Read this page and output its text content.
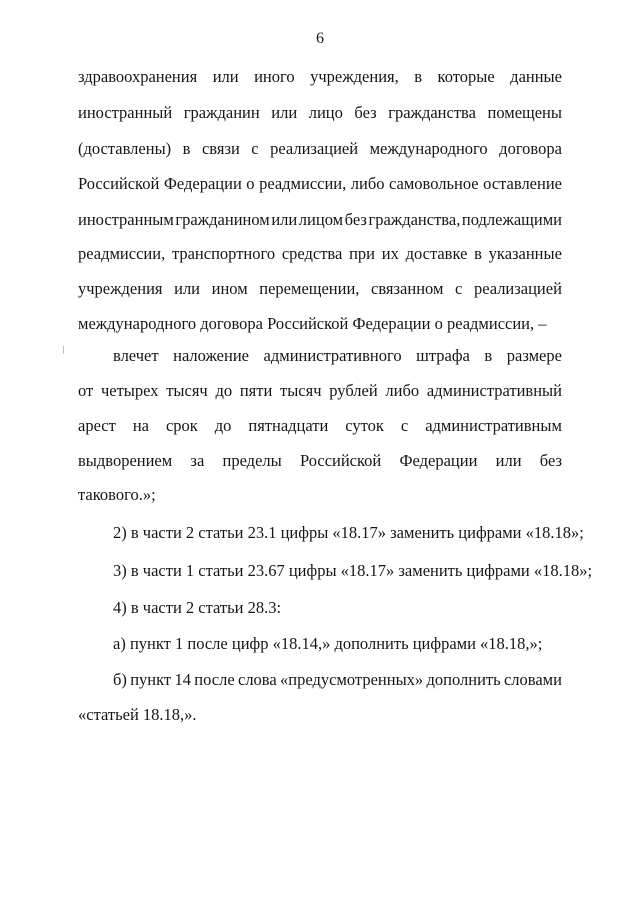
6
здравоохранения или иного учреждения, в которые данные
иностранный гражданин или лицо без гражданства помещены
(доставлены) в связи с реализацией международного договора
Российской Федерации о реадмиссии, либо самовольное оставление
иностранным гражданином или лицом без гражданства, подлежащими
реадмиссии, транспортного средства при их доставке в указанные
учреждения или ином перемещении, связанном с реализацией
международного договора Российской Федерации о реадмиссии, –
влечет наложение административного штрафа в размере
от четырех тысяч до пяти тысяч рублей либо административный
арест на срок до пятнадцати суток с административным
выдворением за пределы Российской Федерации или без
такового.»;
2) в части 2 статьи 23.1 цифры «18.17» заменить цифрами «18.18»;
3) в части 1 статьи 23.67 цифры «18.17» заменить цифрами «18.18»;
4) в части 2 статьи 28.3:
а) пункт 1 после цифр «18.14,» дополнить цифрами «18.18,»;
б) пункт 14 после слова «предусмотренных» дополнить словами
«статьей 18.18,».
